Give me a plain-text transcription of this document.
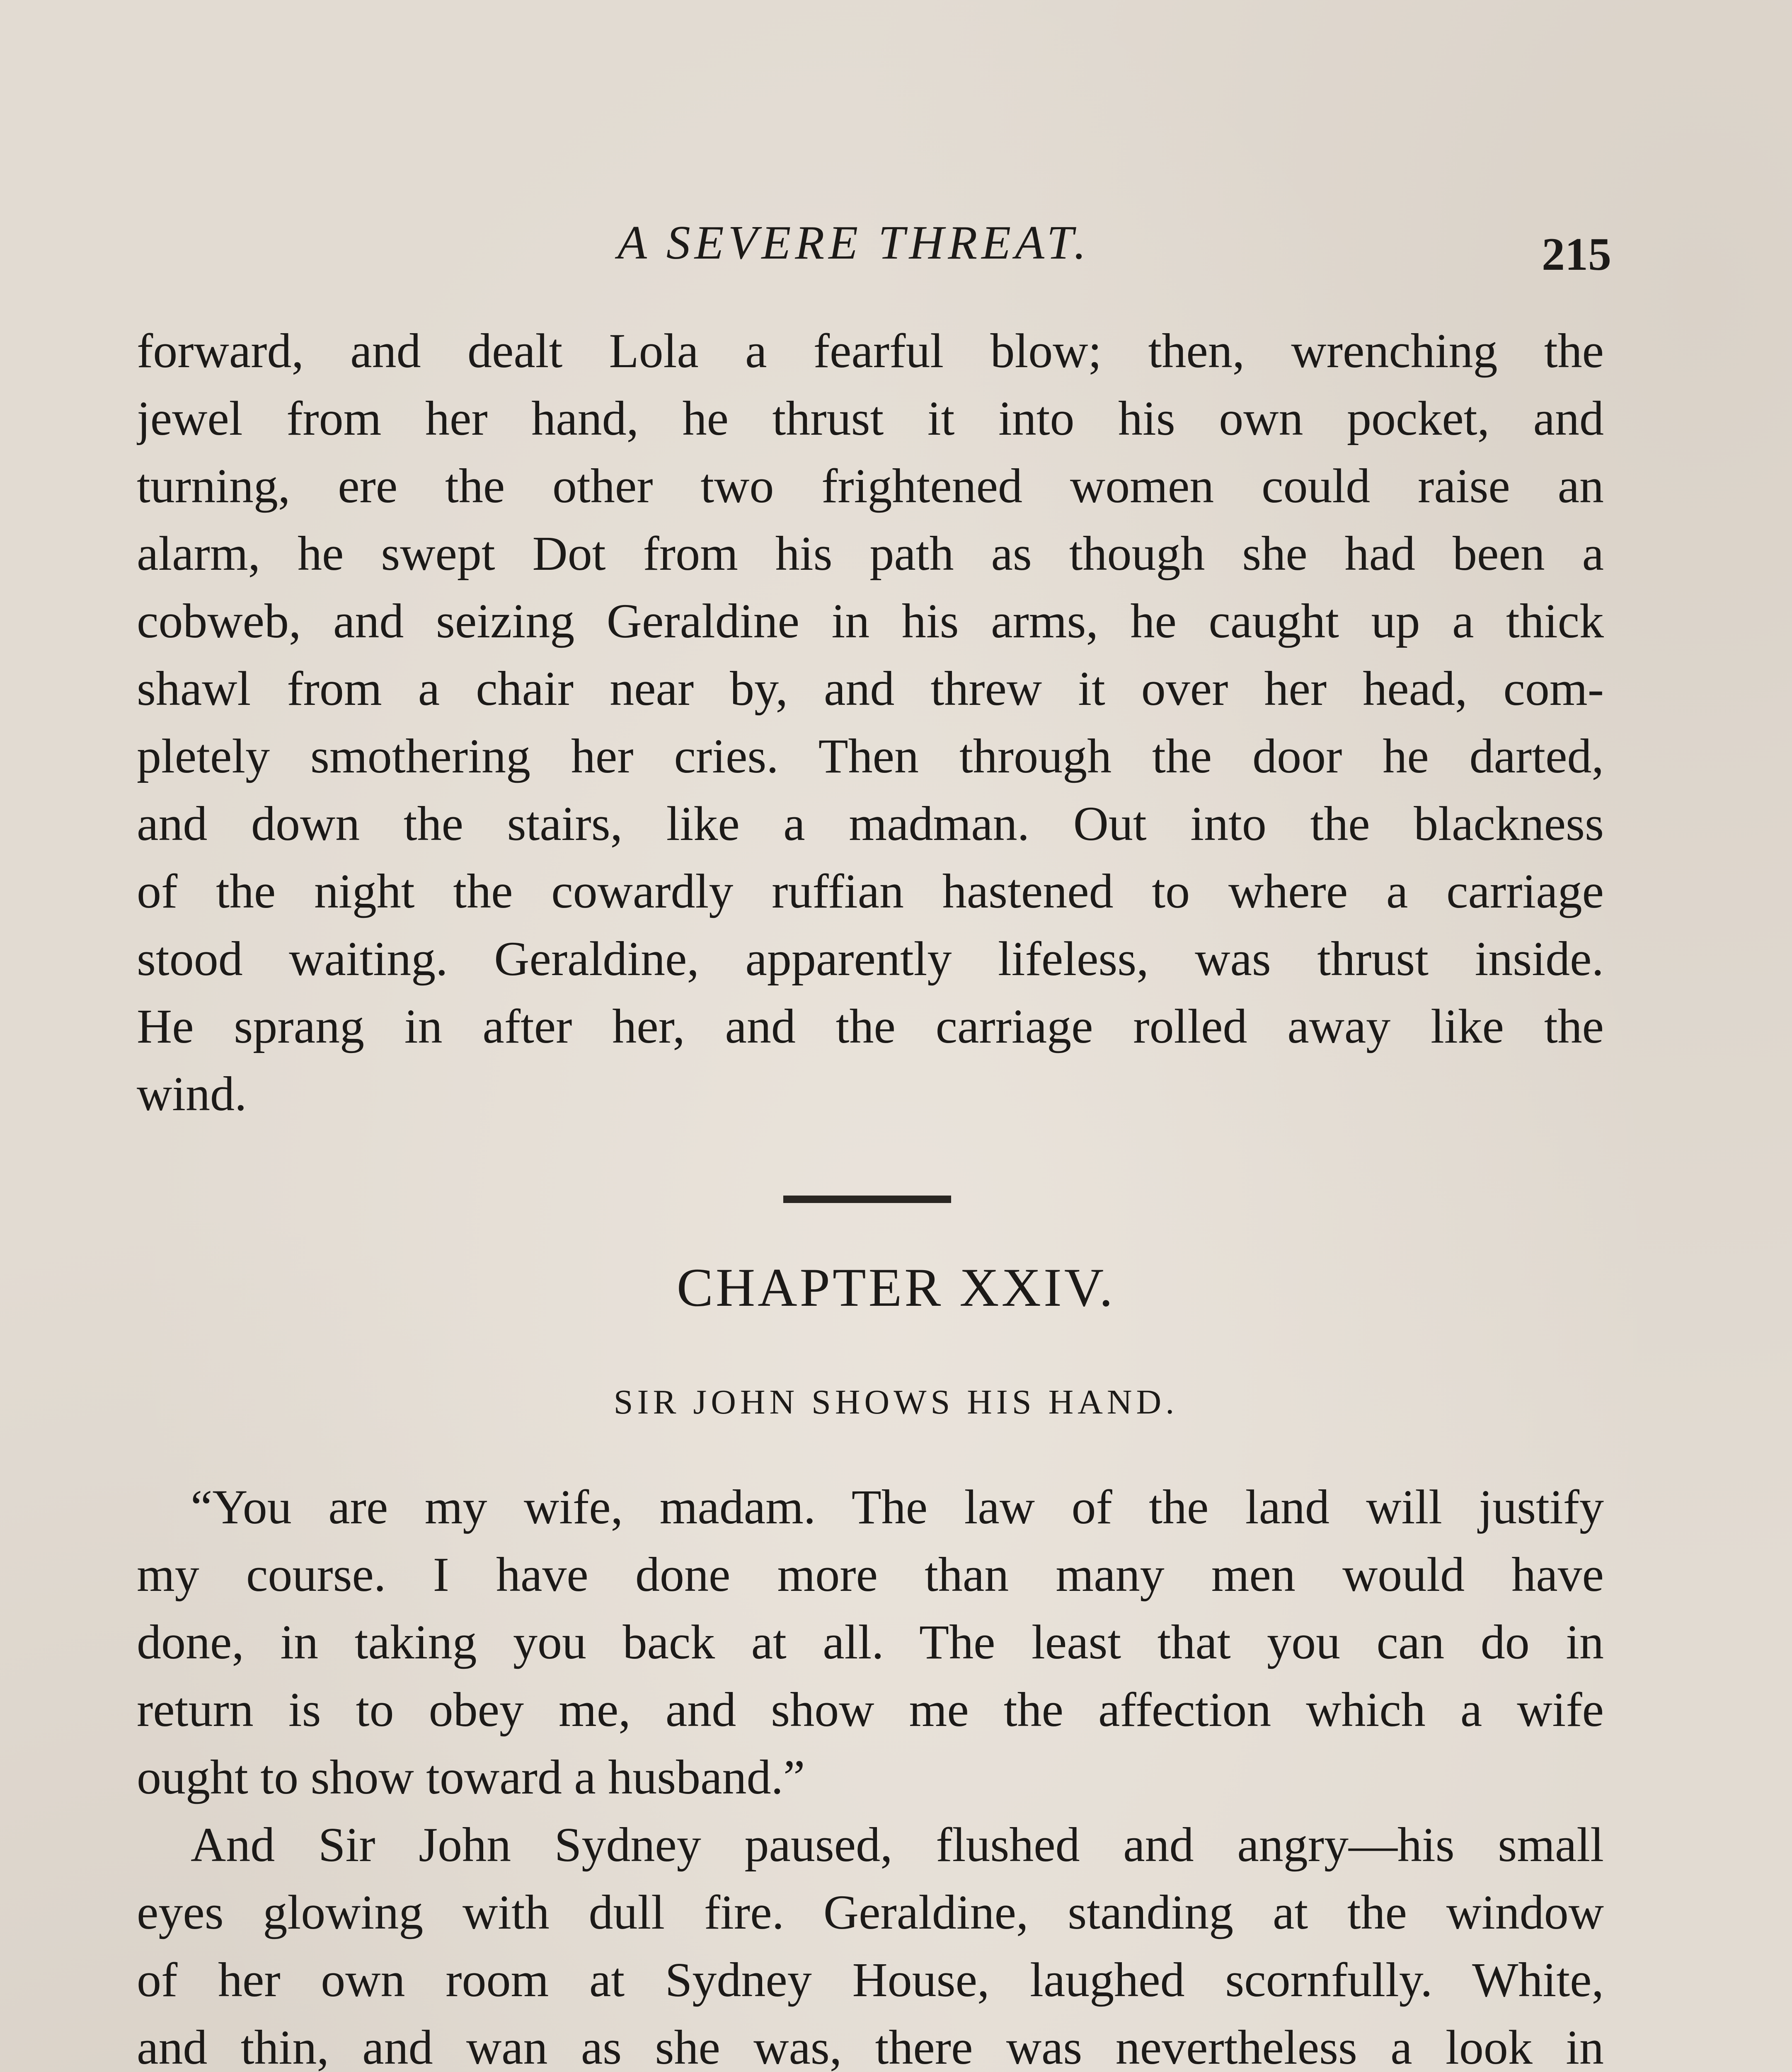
A SEVERE THREAT.	215
forward, and dealt Lola a fearful blow; then, wrenching the
jewel from her hand, he thrust it into his own pocket, and
turning, ere the other two frightened women could raise an
alarm, he swept Dot from his path as though she had been a
cobweb, and seizing Geraldine in his arms, he caught up a thick
shawl from a chair near by, and threw it over her head, com-
pletely smothering her cries. Then through the door he darted,
and down the stairs, like a madman. Out into the blackness
of the night the cowardly ruffian hastened to where a carriage
stood waiting. Geraldine, apparently lifeless, was thrust inside.
He sprang in after her, and the carriage rolled away like the
wind.
CHAPTER XXIV.
SIR JOHN SHOWS HIS HAND.
“You are my wife, madam. The law of the land will justify
my course. I have done more than many men would have
done, in taking you back at all. The least that you can do in
return is to obey me, and show me the affection which a wife
ought to show toward a husband.”
And Sir John Sydney paused, flushed and angry—his small
eyes glowing with dull fire. Geraldine, standing at the window
of her own room at Sydney House, laughed scornfully. White,
and thin, and wan as she was, there was nevertheless a look in
